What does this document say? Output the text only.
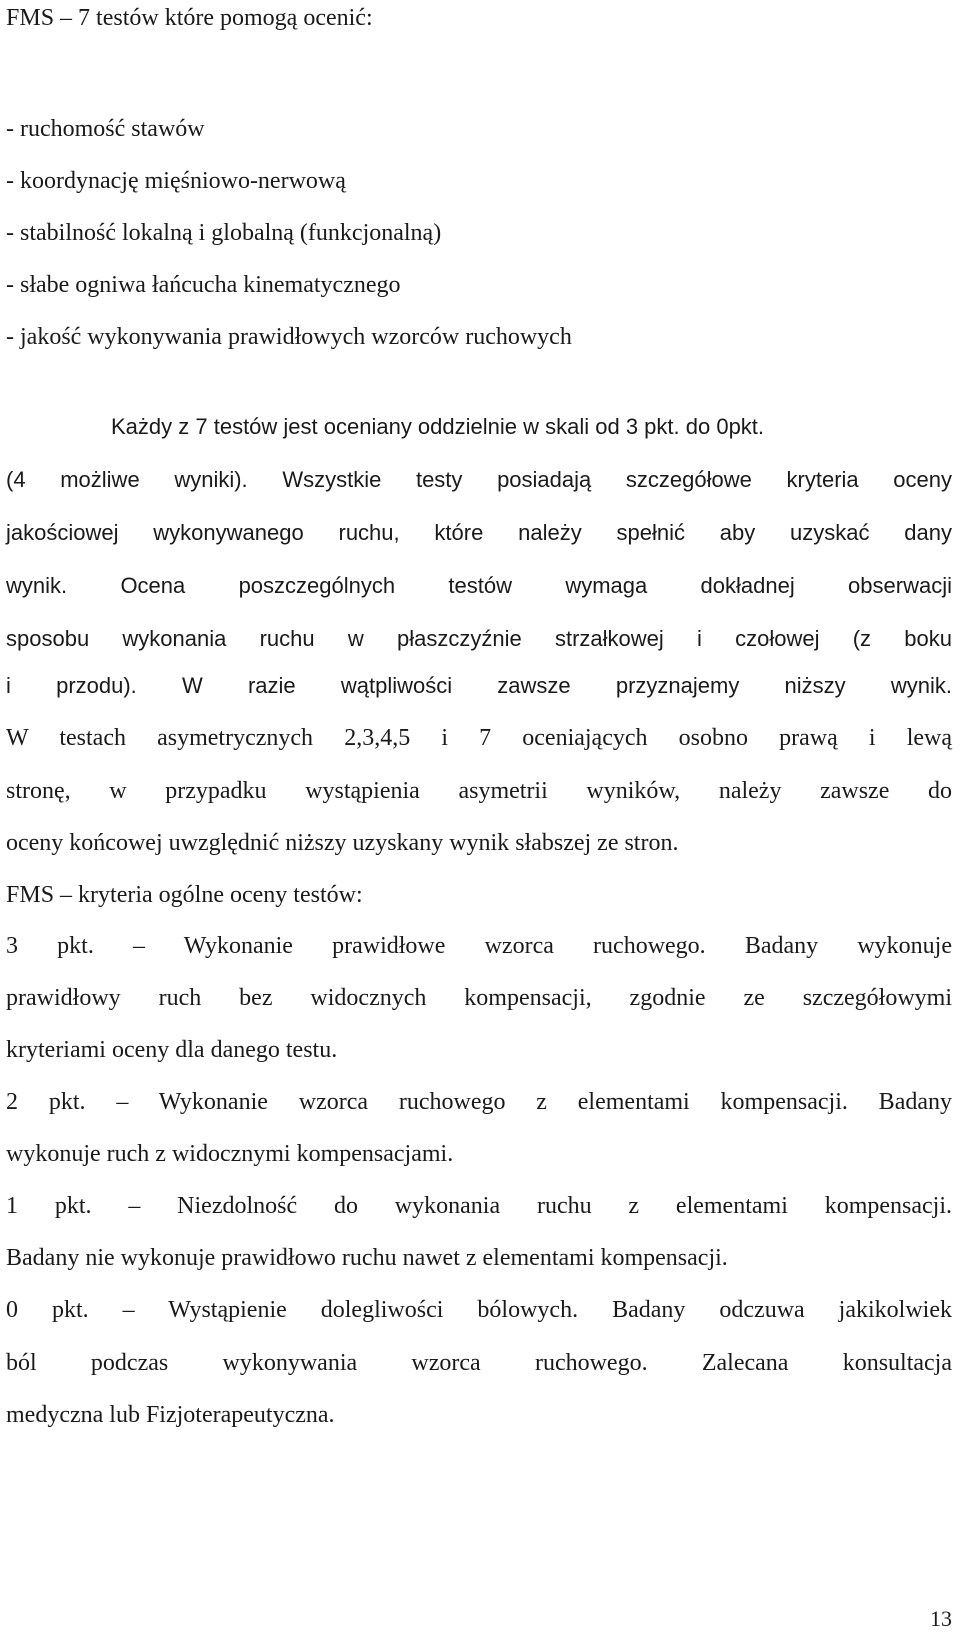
FMS – 7 testów które pomogą ocenić:
- ruchomość stawów
- koordynację mięśniowo-nerwową
- stabilność lokalną i globalną (funkcjonalną)
- słabe ogniwa łańcucha kinematycznego
- jakość wykonywania prawidłowych wzorców ruchowych
Każdy z 7 testów jest oceniany oddzielnie w skali od 3 pkt. do 0pkt.
(4 możliwe wyniki). Wszystkie testy posiadają szczegółowe kryteria oceny
jakościowej wykonywanego ruchu, które należy spełnić aby uzyskać dany
wynik. Ocena poszczególnych testów wymaga dokładnej obserwacji
sposobu wykonania ruchu w płaszczyźnie strzałkowej i czołowej (z boku
i przodu). W razie wątpliwości zawsze przyznajemy niższy wynik.
W testach asymetrycznych 2,3,4,5 i 7 oceniających osobno prawą i lewą
stronę, w przypadku wystąpienia asymetrii wyników, należy zawsze do
oceny końcowej uwzględnić niższy uzyskany wynik słabszej ze stron.
FMS – kryteria ogólne oceny testów:
3 pkt. – Wykonanie prawidłowe wzorca ruchowego. Badany wykonuje
prawidłowy ruch bez widocznych kompensacji, zgodnie ze szczegółowymi
kryteriami oceny dla danego testu.
2 pkt. – Wykonanie wzorca ruchowego z elementami kompensacji. Badany
wykonuje ruch z widocznymi kompensacjami.
1 pkt. – Niezdolność do wykonania ruchu z elementami kompensacji.
Badany nie wykonuje prawidłowo ruchu nawet z elementami kompensacji.
0 pkt. – Wystąpienie dolegliwości bólowych. Badany odczuwa jakikolwiek
ból podczas wykonywania wzorca ruchowego. Zalecana konsultacja
medyczna lub Fizjoterapeutyczna.
13
